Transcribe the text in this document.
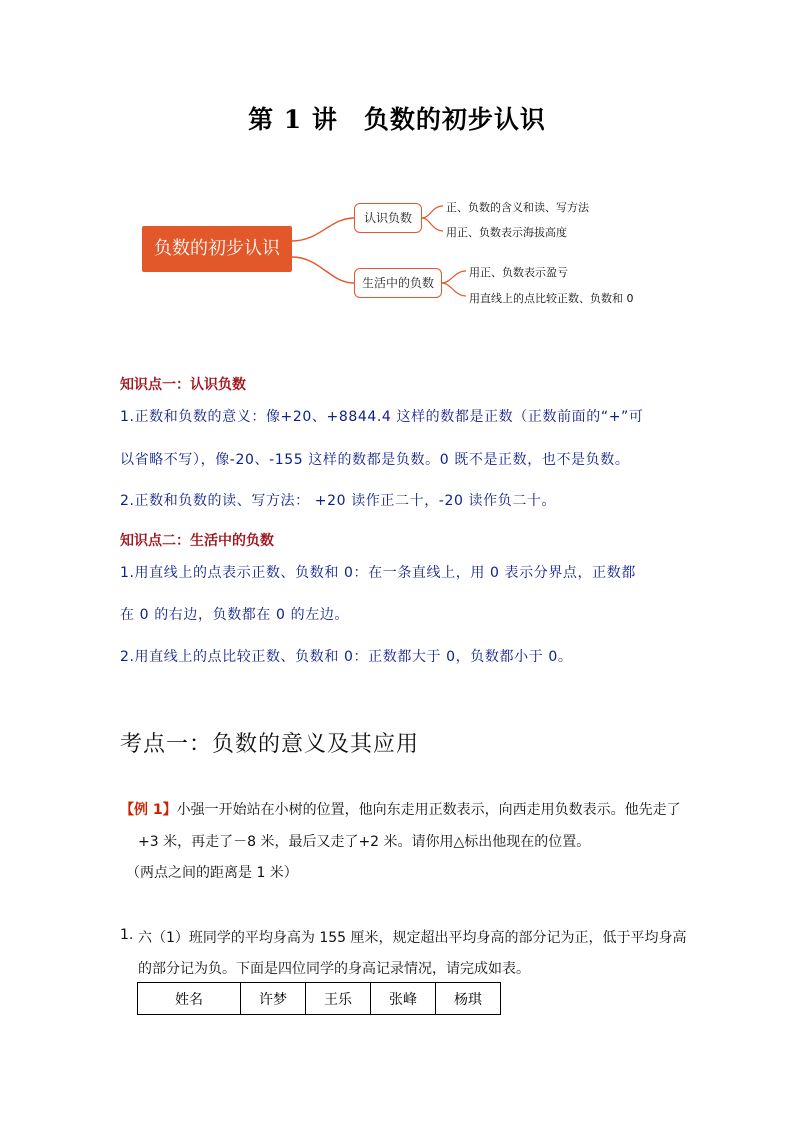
第 1 讲　负数的初步认识
负数的初步认识
认识负数
生活中的负数
正、负数的含义和读、写方法
用正、负数表示海拔高度
用正、负数表示盈亏
用直线上的点比较正数、负数和 0
知识点一：认识负数
1.正数和负数的意义：像+20、+8844.4 这样的数都是正数（正数前面的“+”可
以省略不写），像-20、-155 这样的数都是负数。0 既不是正数，也不是负数。
2.正数和负数的读、写方法： +20 读作正二十，-20 读作负二十。
知识点二：生活中的负数
1.用直线上的点表示正数、负数和 0：在一条直线上，用 0 表示分界点，正数都
在 0 的右边，负数都在 0 的左边。
2.用直线上的点比较正数、负数和 0：正数都大于 0，负数都小于 0。
考点一：负数的意义及其应用
【例 1】小强一开始站在小树的位置，他向东走用正数表示，向西走用负数表示。他先走了
+3 米，再走了－8 米，最后又走了+2 米。请你用△标出他现在的位置。
（两点之间的距离是 1 米）
1. 六（1）班同学的平均身高为 155 厘米，规定超出平均身高的部分记为正，低于平均身高
的部分记为负。下面是四位同学的身高记录情况，请完成如表。
姓名	许梦	王乐	张峰	杨琪
